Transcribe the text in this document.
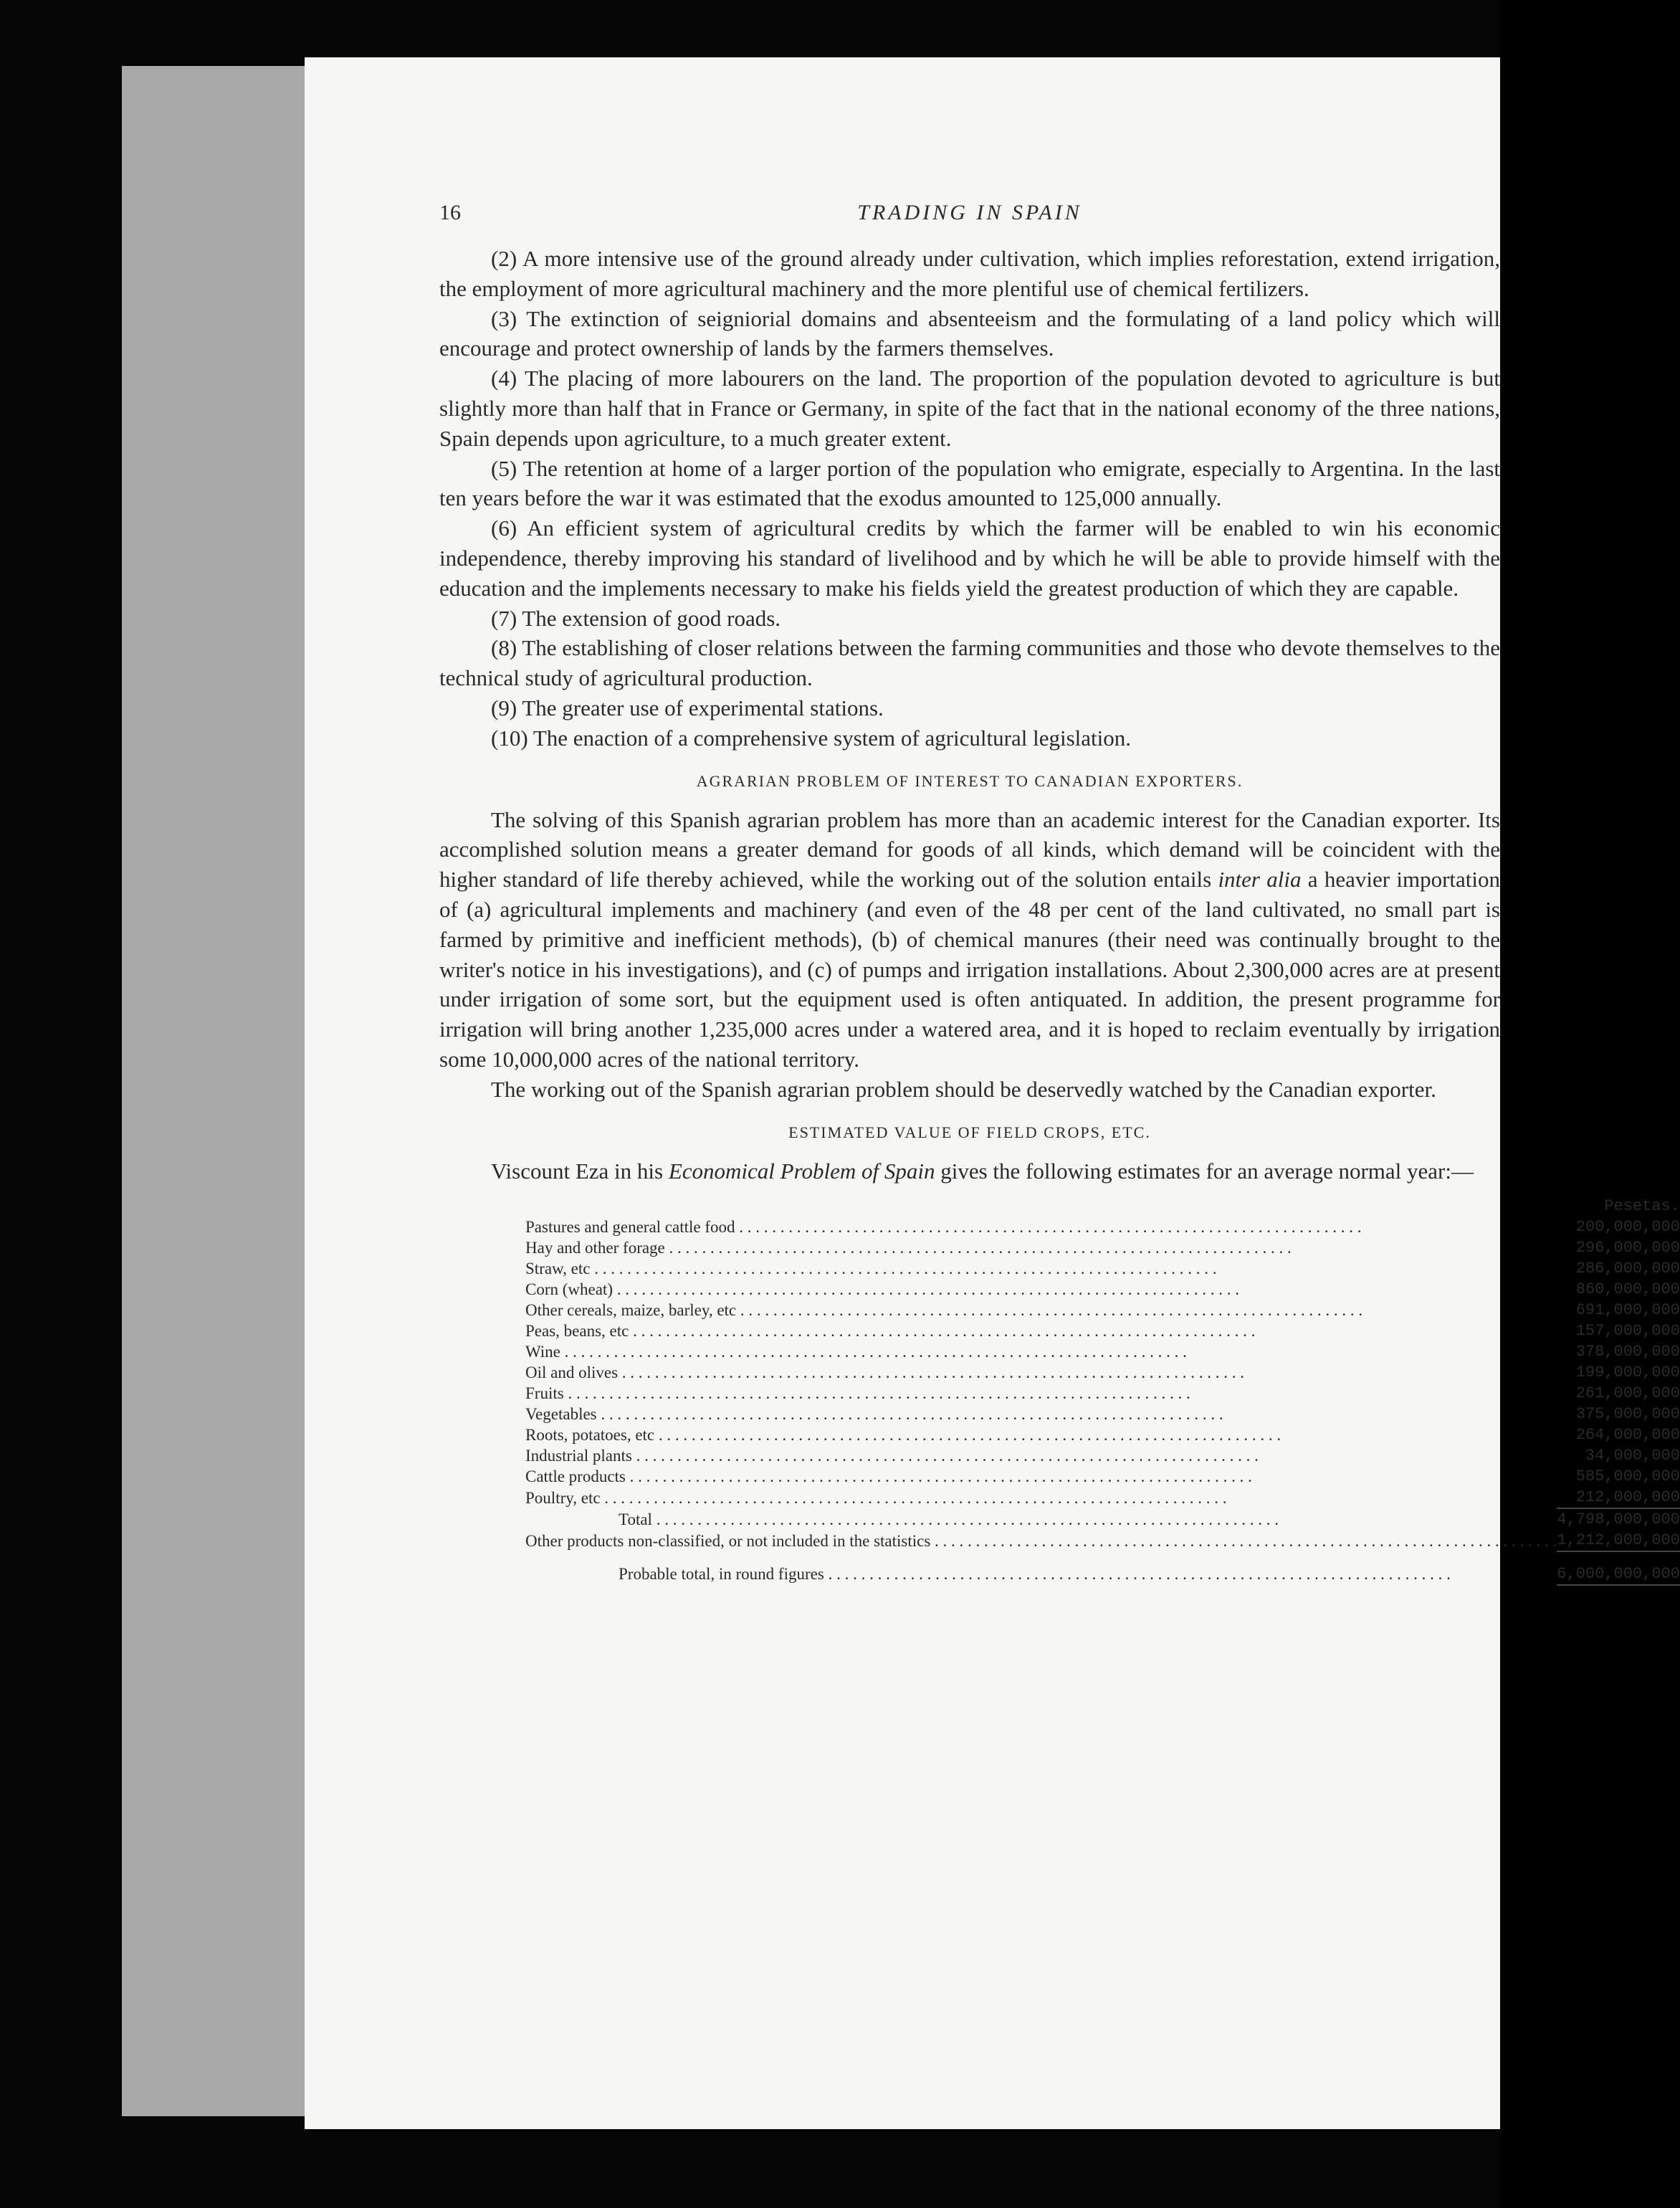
16	TRADING IN SPAIN

(2) A more intensive use of the ground already under cultivation, which implies reforestation, extend irrigation, the employment of more agricultural machinery and the more plentiful use of chemical fertilizers.

(3) The extinction of seigniorial domains and absenteeism and the formulating of a land policy which will encourage and protect ownership of lands by the farmers themselves.

(4) The placing of more labourers on the land. The proportion of the population devoted to agriculture is but slightly more than half that in France or Germany, in spite of the fact that in the national economy of the three nations, Spain depends upon agriculture, to a much greater extent.

(5) The retention at home of a larger portion of the population who emigrate, especially to Argentina. In the last ten years before the war it was estimated that the exodus amounted to 125,000 annually.

(6) An efficient system of agricultural credits by which the farmer will be enabled to win his economic independence, thereby improving his standard of livelihood and by which he will be able to provide himself with the education and the implements necessary to make his fields yield the greatest production of which they are capable.

(7) The extension of good roads.

(8) The establishing of closer relations between the farming communities and those who devote themselves to the technical study of agricultural production.

(9) The greater use of experimental stations.

(10) The enaction of a comprehensive system of agricultural legislation.

AGRARIAN PROBLEM OF INTEREST TO CANADIAN EXPORTERS.

The solving of this Spanish agrarian problem has more than an academic interest for the Canadian exporter. Its accomplished solution means a greater demand for goods of all kinds, which demand will be coincident with the higher standard of life thereby achieved, while the working out of the solution entails inter alia a heavier importation of (a) agricultural implements and machinery (and even of the 48 per cent of the land cultivated, no small part is farmed by primitive and inefficient methods), (b) of chemical manures (their need was continually brought to the writer's notice in his investigations), and (c) of pumps and irrigation installations. About 2,300,000 acres are at present under irrigation of some sort, but the equipment used is often antiquated. In addition, the present programme for irrigation will bring another 1,235,000 acres under a watered area, and it is hoped to reclaim eventually by irrigation some 10,000,000 acres of the national territory.

The working out of the Spanish agrarian problem should be deservedly watched by the Canadian exporter.

ESTIMATED VALUE OF FIELD CROPS, ETC.

Viscount Eza in his Economical Problem of Spain gives the following estimates for an average normal year:—

	Pesetas.
Pastures and general cattle food . . .	200,000,000
Hay and other forage . . .	296,000,000
Straw, etc . . .	286,000,000
Corn (wheat) . . .	860,000,000
Other cereals, maize, barley, etc . . .	691,000,000
Peas, beans, etc . . .	157,000,000
Wine . . .	378,000,000
Oil and olives . . .	199,000,000
Fruits . . .	261,000,000
Vegetables . . .	375,000,000
Roots, potatoes, etc . . .	264,000,000
Industrial plants . . .	34,000,000
Cattle products . . .	585,000,000
Poultry, etc . . .	212,000,000
Total . . .	4,798,000,000
Other products non-classified, or not included in the statistics . . .	1,212,000,000
Probable total, in round figures . . .	6,000,000,000
